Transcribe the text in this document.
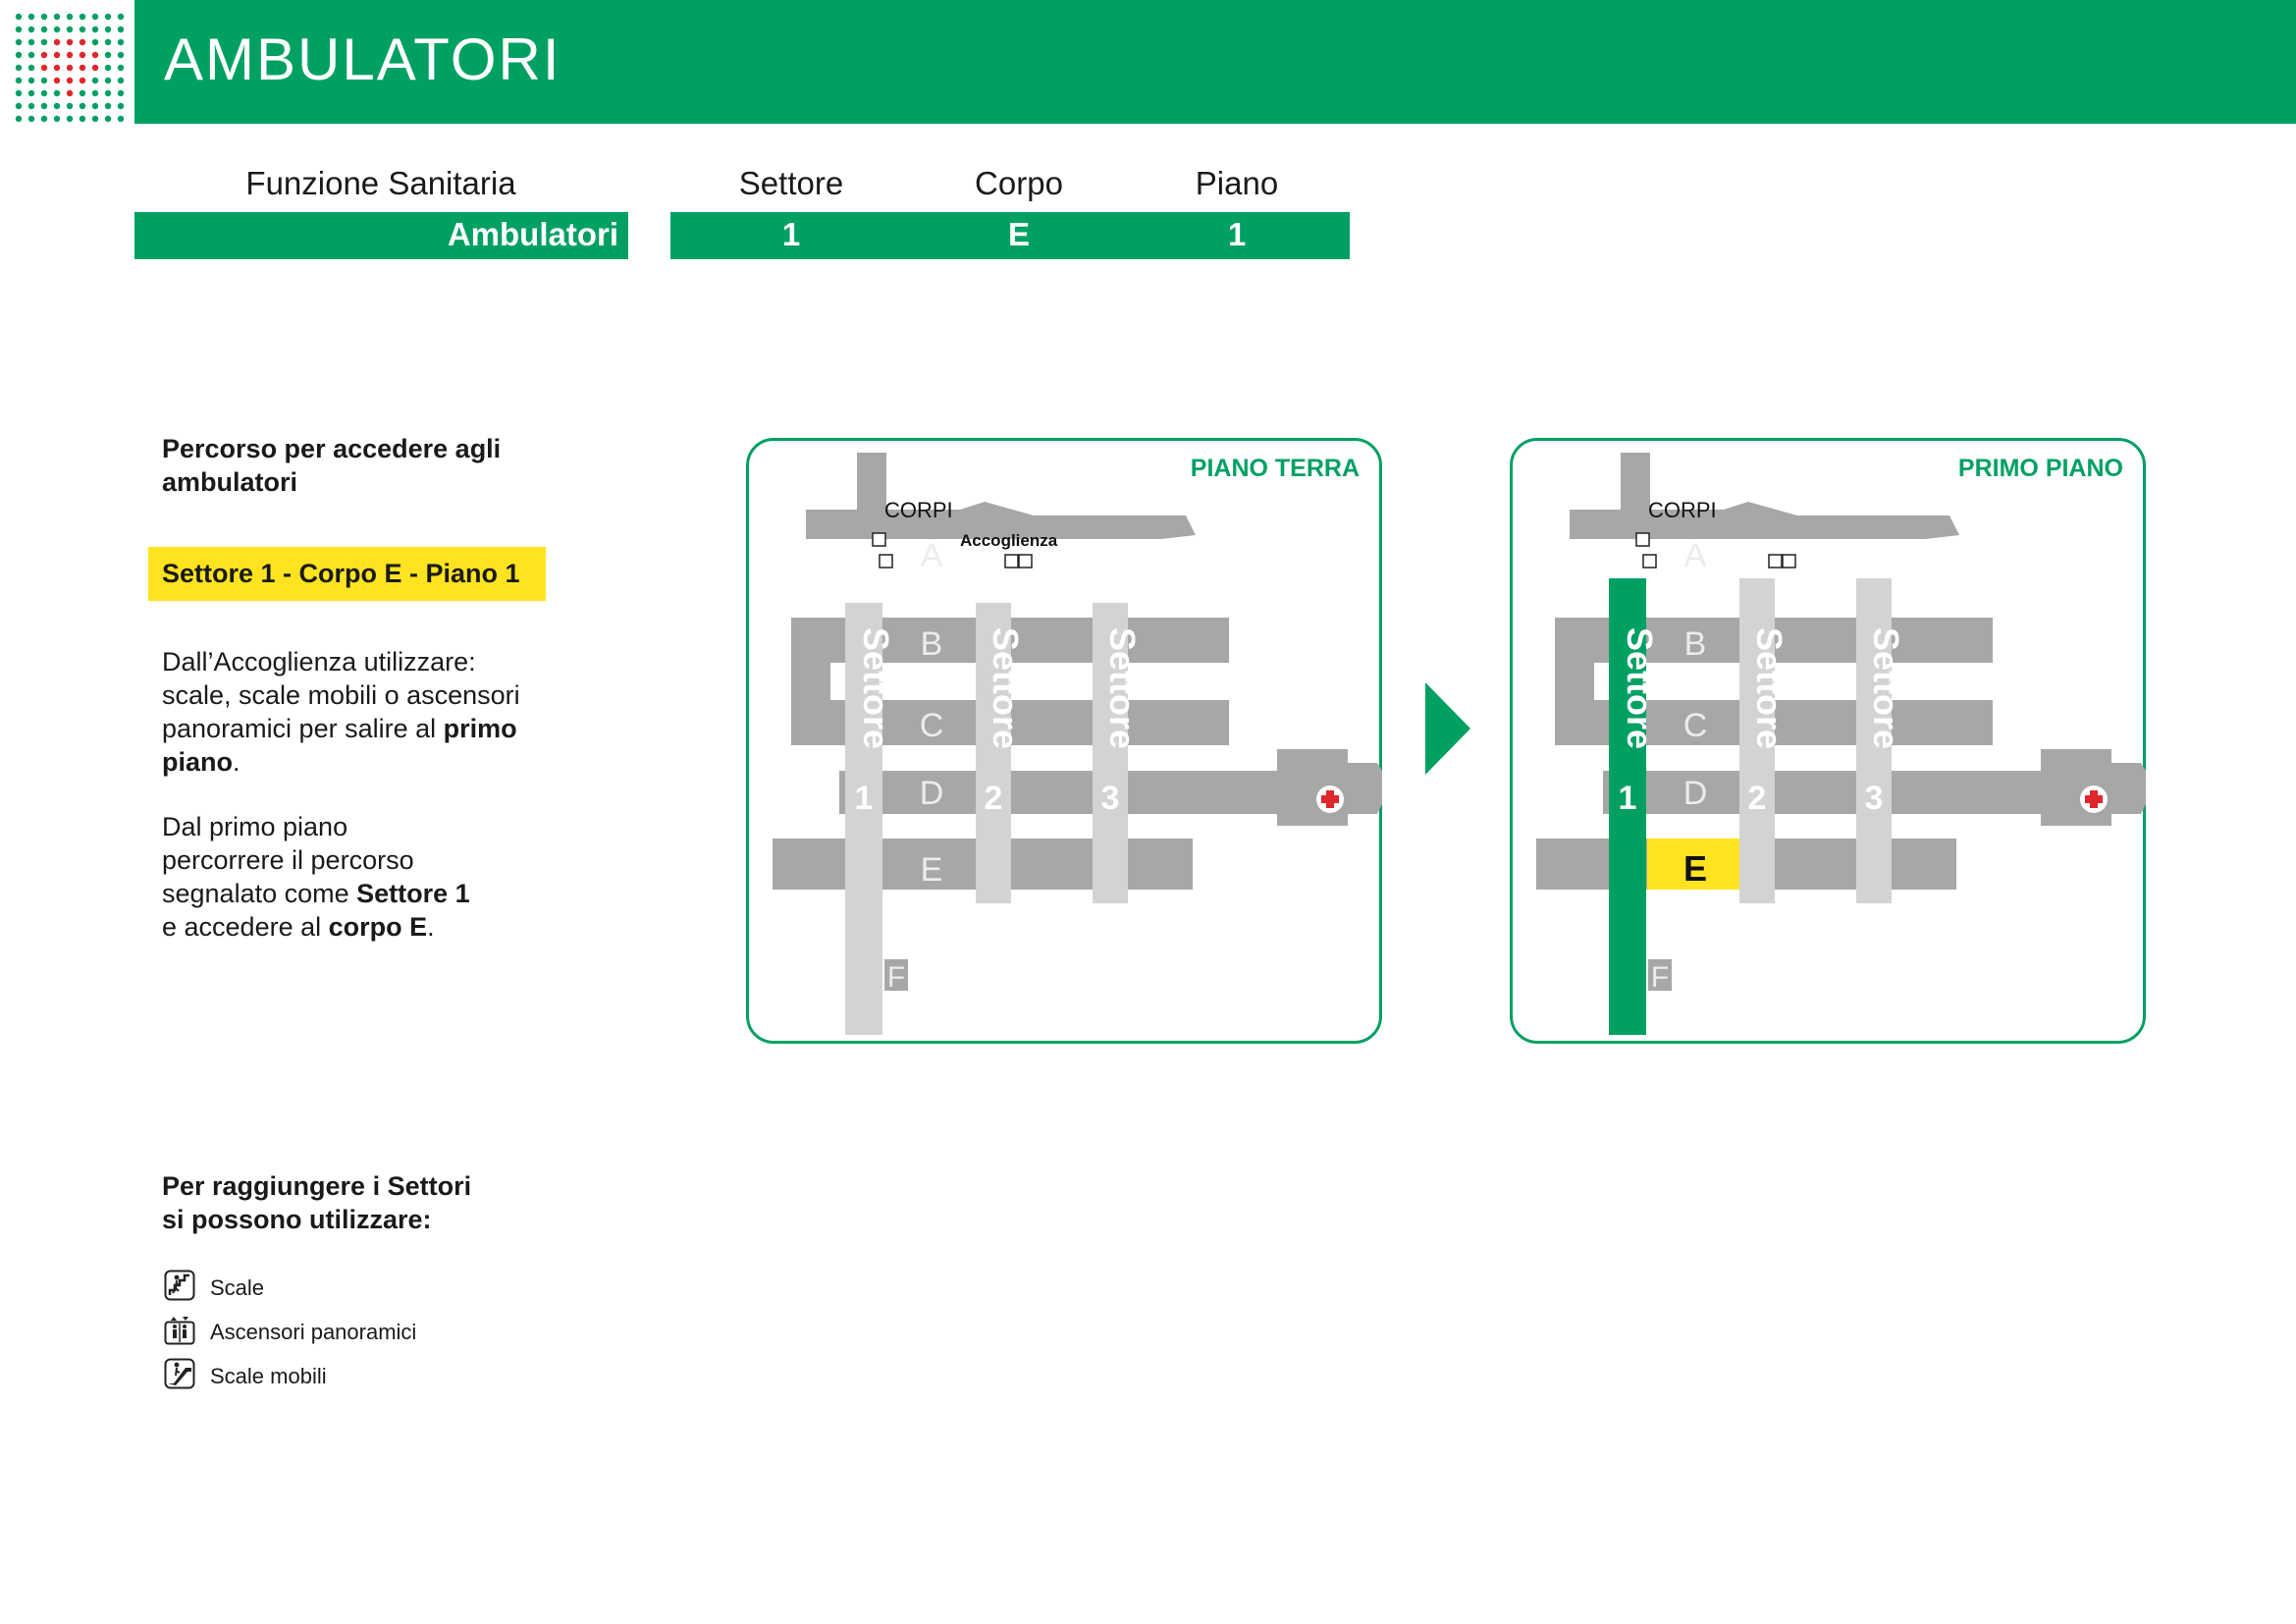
AMBULATORI
Funzione Sanitaria	Settore	Corpo	Piano
Ambulatori	1	E	1
Percorso per accedere agli
ambulatori
Settore 1 - Corpo E - Piano 1
Dall’Accoglienza utilizzare:
scale, scale mobili o ascensori
panoramici per salire al primo
piano.
Dal primo piano
percorrere il percorso
segnalato come Settore 1
e accedere al corpo E.
Per raggiungere i Settori
si possono utilizzare:
Scale
Ascensori panoramici
Scale mobili
Settore
1
Settore
2
Settore
3
A
B
C
D
E
F
CORPI
Accoglienza
PIANO TERRA
Settore
1
Settore
2
Settore
3
A
B
C
D
E
F
CORPI
PRIMO PIANO
